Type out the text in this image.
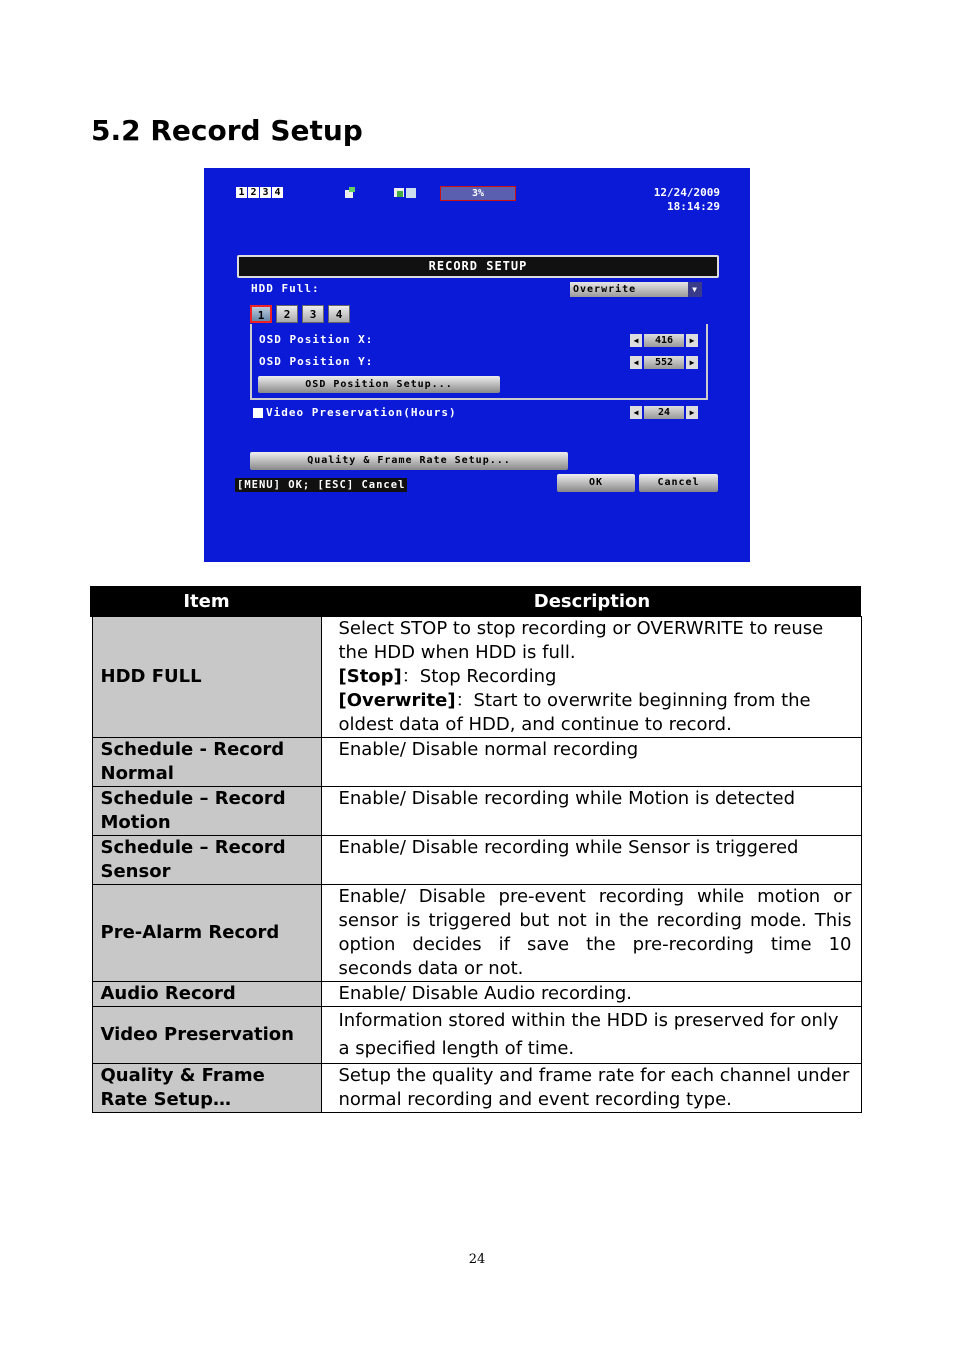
5.2 Record Setup
1 2 3 4	3%	12/24/2009
18:14:29
RECORD SETUP
HDD Full:	Overwrite	▼
1	2	3	4
OSD Position X:	◀	416	▶
OSD Position Y:	◀	552	▶
OSD Position Setup...
Video Preservation(Hours)	◀	24	▶
Quality & Frame Rate Setup...
[MENU] OK; [ESC] Cancel	OK	Cancel
Item	Description
HDD FULL	Select STOP to stop recording or OVERWRITE to reuse the HDD when HDD is full.
[Stop]：Stop Recording
[Overwrite]：Start to overwrite beginning from the oldest data of HDD, and continue to record.

Schedule - Record Normal	Enable/ Disable normal recording
Schedule – Record Motion	Enable/ Disable recording while Motion is detected
Schedule – Record Sensor	Enable/ Disable recording while Sensor is triggered
Pre-Alarm Record	Enable/ Disable pre-event recording while motion or sensor is triggered but not in the recording mode. This option decides if save the pre-recording time 10 seconds data or not.
Audio Record	Enable/ Disable Audio recording.
Video Preservation	Information stored within the HDD is preserved for only a specified length of time.
Quality & Frame Rate Setup…	Setup the quality and frame rate for each channel under normal recording and event recording type.
24
